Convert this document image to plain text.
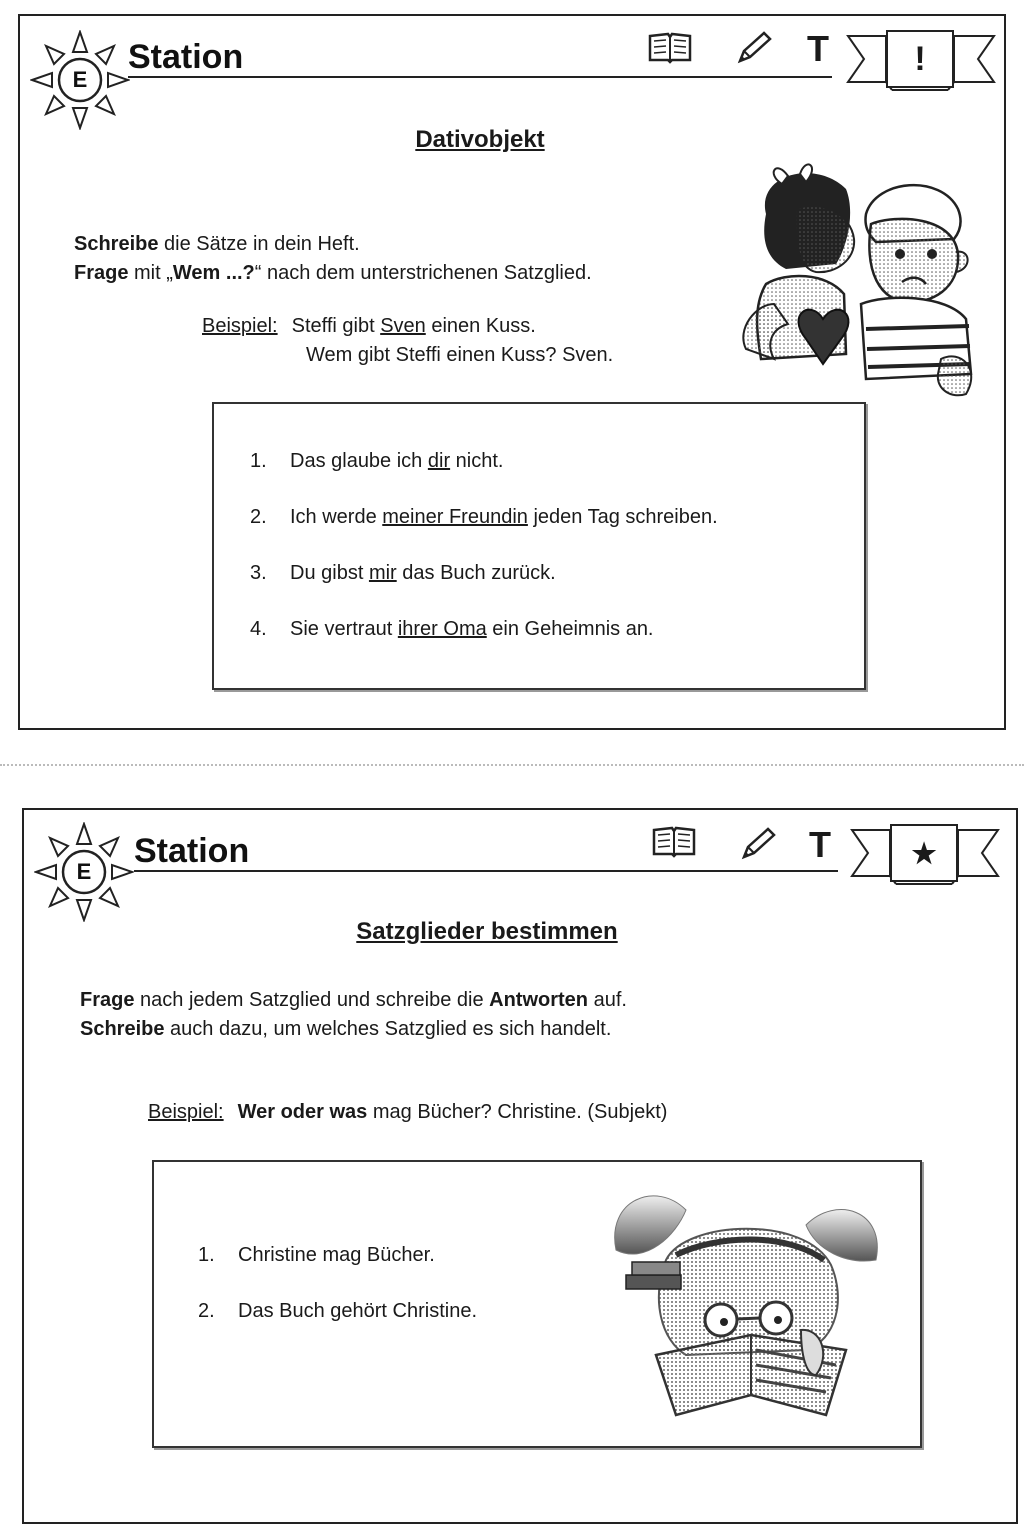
E
Station	T	!
Dativobjekt
Schreibe die Sätze in dein Heft.
Frage mit „Wem ...?“ nach dem unterstrichenen Satzglied.
Beispiel: Steffi gibt Sven einen Kuss.
Wem gibt Steffi einen Kuss? Sven.
1. Das glaube ich dir nicht.
2. Ich werde meiner Freundin jeden Tag schreiben.
3. Du gibst mir das Buch zurück.
4. Sie vertraut ihrer Oma ein Geheimnis an.
E
Station	T	★
Satzglieder bestimmen
Frage nach jedem Satzglied und schreibe die Antworten auf.
Schreibe auch dazu, um welches Satzglied es sich handelt.
Beispiel: Wer oder was mag Bücher? Christine. (Subjekt)
1. Christine mag Bücher.
2. Das Buch gehört Christine.
